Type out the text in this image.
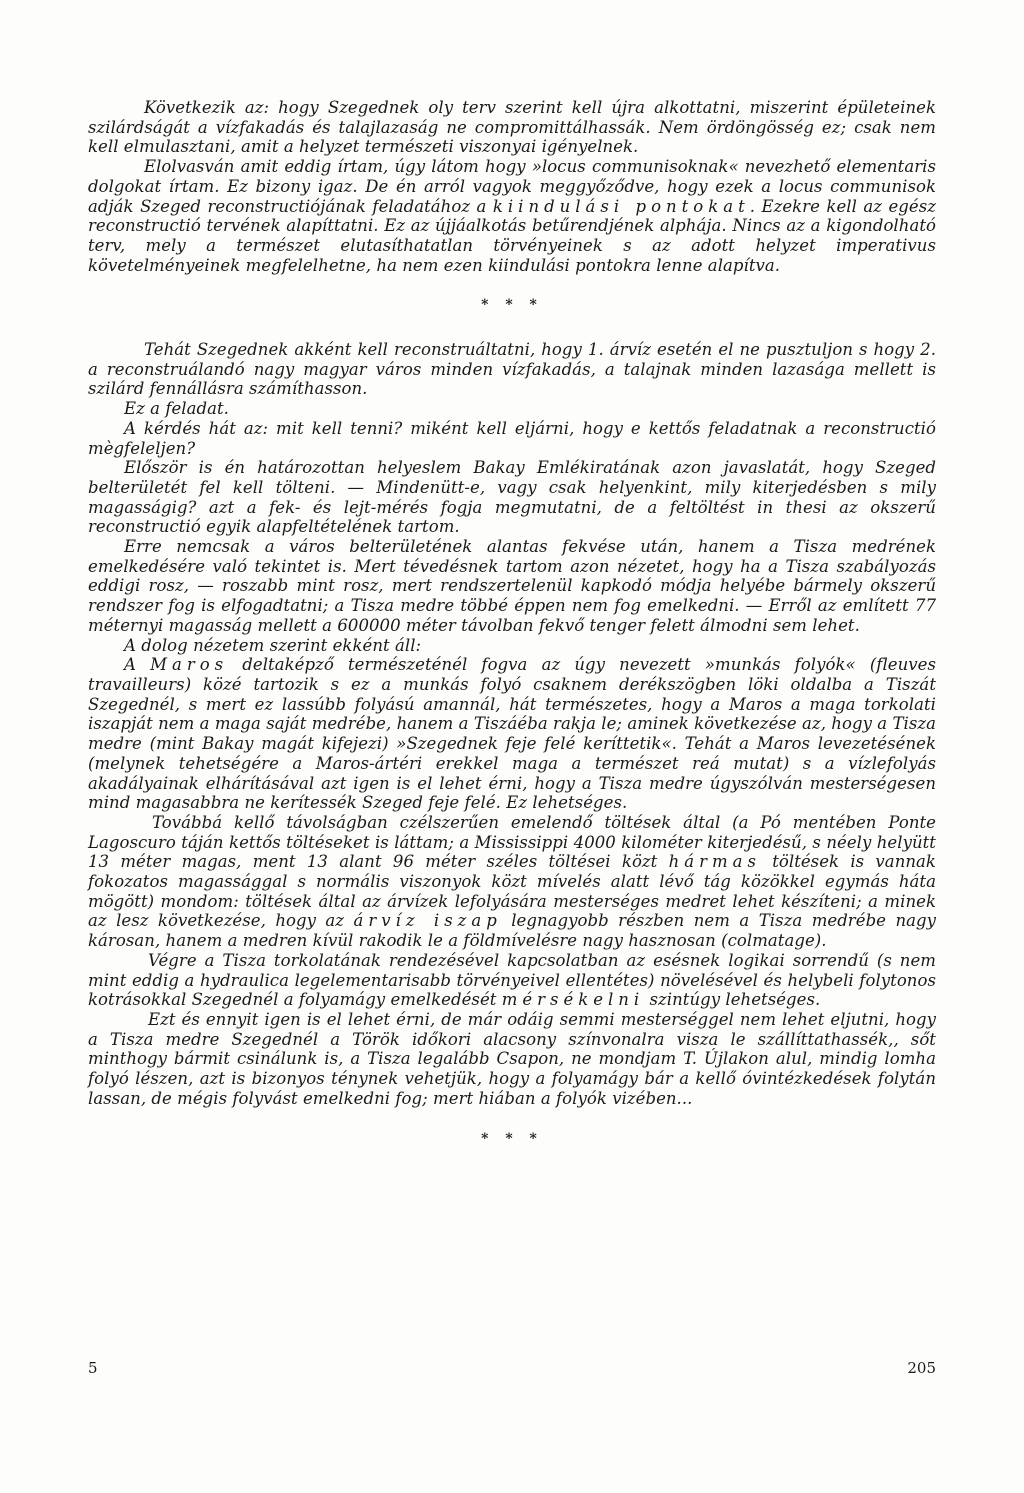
Következik az: hogy Szegednek oly terv szerint kell újra alkottatni, miszerint épületeinek szilárdságát a vízfakadás és talajlazaság ne compromittálhassák. Nem ördöngösség ez; csak nem kell elmulasztani, amit a helyzet természeti viszonyai igényelnek.

Elolvasván amit eddig írtam, úgy látom hogy »locus communisoknak« nevezhető elementaris dolgokat írtam. Ez bizony igaz. De én arról vagyok meggyőződve, hogy ezek a locus communisok adják Szeged reconstructiójának feladatához a kiindulási pontokat. Ezekre kell az egész reconstructió tervének alapíttatni. Ez az újjáalkotás betűrendjének alphája. Nincs az a kigondolható terv, mely a természet elutasíthatatlan törvényeinek s az adott helyzet imperativus követelményeinek megfelelhetne, ha nem ezen kiindulási pontokra lenne alapítva.

* * *

Tehát Szegednek akként kell reconstruáltatni, hogy 1. árvíz esetén el ne pusztuljon s hogy 2. a reconstruálandó nagy magyar város minden vízfakadás, a talajnak minden lazasága mellett is szilárd fennállásra számíthasson.

Ez a feladat.

A kérdés hát az: mit kell tenni? miként kell eljárni, hogy e kettős feladatnak a reconstructió mègfeleljen?

Először is én határozottan helyeslem Bakay Emlékiratának azon javaslatát, hogy Szeged belterületét fel kell tölteni. — Mindenütt-e, vagy csak helyenkint, mily kiterjedésben s mily magasságig? azt a fek- és lejt-mérés fogja megmutatni, de a feltöltést in thesi az okszerű reconstructió egyik alapfeltételének tartom.

Erre nemcsak a város belterületének alantas fekvése után, hanem a Tisza medrének emelkedésére való tekintet is. Mert tévedésnek tartom azon nézetet, hogy ha a Tisza szabályozás eddigi rosz, — roszabb mint rosz, mert rendszertelenül kapkodó módja helyébe bármely okszerű rendszer fog is elfogadtatni; a Tisza medre többé éppen nem fog emelkedni. — Erről az említett 77 méternyi magasság mellett a 600000 méter távolban fekvő tenger felett álmodni sem lehet.

A dolog nézetem szerint ekként áll:

A Maros deltaképző természeténél fogva az úgy nevezett »munkás folyók« (fleuves travailleurs) közé tartozik s ez a munkás folyó csaknem derékszögben löki oldalba a Tiszát Szegednél, s mert ez lassúbb folyású amannál, hát természetes, hogy a Maros a maga torkolati iszapját nem a maga saját medrébe, hanem a Tiszáéba rakja le; aminek következése az, hogy a Tisza medre (mint Bakay magát kifejezi) »Szegednek feje felé keríttetik«. Tehát a Maros levezetésének (melynek tehetségére a Maros-ártéri erekkel maga a természet reá mutat) s a vízlefolyás akadályainak elhárításával azt igen is el lehet érni, hogy a Tisza medre úgyszólván mesterségesen mind magasabbra ne kerítessék Szeged feje felé. Ez lehetséges.

Továbbá kellő távolságban czélszerűen emelendő töltések által (a Pó mentében Ponte Lagoscuro táján kettős töltéseket is láttam; a Mississippi 4000 kilométer kiterjedésű, s néely helyütt 13 méter magas, ment 13 alant 96 méter széles töltései közt hármas töltések is vannak fokozatos magassággal s normális viszonyok közt mívelés alatt lévő tág közökkel egymás háta mögött) mondom: töltések által az árvízek lefolyására mesterséges medret lehet készíteni; a minek az lesz következése, hogy az árvíz iszap legnagyobb részben nem a Tisza medrébe nagy károsan, hanem a medren kívül rakodik le a földmívelésre nagy hasznosan (colmatage).

Végre a Tisza torkolatának rendezésével kapcsolatban az esésnek logikai sorrendű (s nem mint eddig a hydraulica legelementarisabb törvényeivel ellentétes) növelésével és helybeli folytonos kotrásokkal Szegednél a folyamágy emelkedését mérsékelni szintúgy lehetséges.

Ezt és ennyit igen is el lehet érni, de már odáig semmi mesterséggel nem lehet eljutni, hogy a Tisza medre Szegednél a Török időkori alacsony színvonalra visza le szállíttathassék,, sőt minthogy bármit csinálunk is, a Tisza legalább Csapon, ne mondjam T. Újlakon alul, mindig lomha folyó lészen, azt is bizonyos ténynek vehetjük, hogy a folyamágy bár a kellő óvintézkedések folytán lassan, de mégis folyvást emelkedni fog; mert hiában a folyók vizében...

* * *
5	205
